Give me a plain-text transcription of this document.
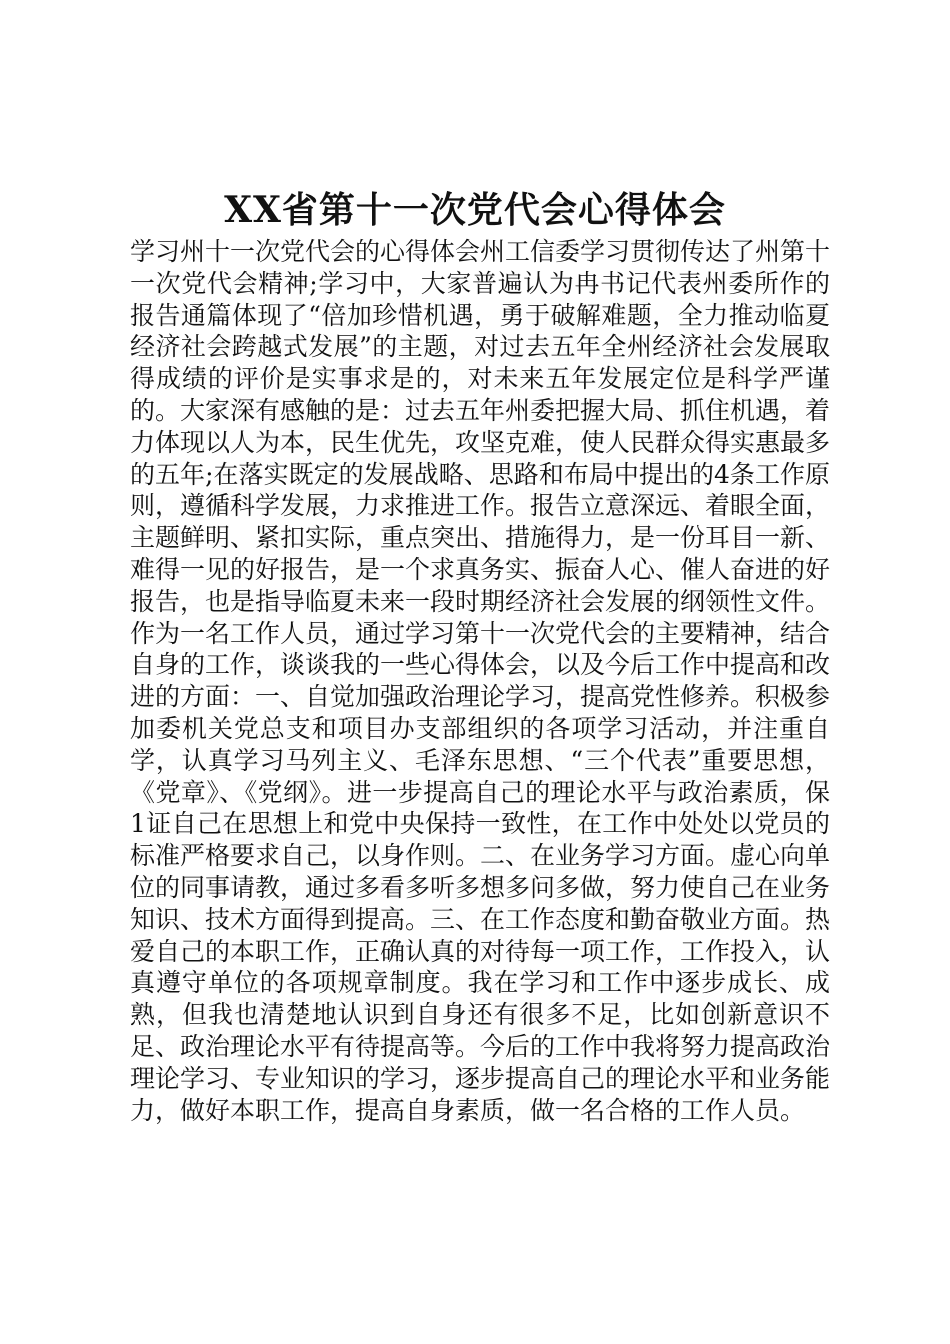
XX省第十一次党代会心得体会

学习州十一次党代会的心得体会州工信委学习贯彻传达了州第十一次党代会精神;学习中，大家普遍认为冉书记代表州委所作的报告通篇体现了“倍加珍惜机遇，勇于破解难题，全力推动临夏经济社会跨越式发展”的主题，对过去五年全州经济社会发展取得成绩的评价是实事求是的，对未来五年发展定位是科学严谨的。大家深有感触的是：过去五年州委把握大局、抓住机遇，着力体现以人为本，民生优先，攻坚克难，使人民群众得实惠最多的五年;在落实既定的发展战略、思路和布局中提出的4条工作原则，遵循科学发展，力求推进工作。报告立意深远、着眼全面，主题鲜明、紧扣实际，重点突出、措施得力，是一份耳目一新、难得一见的好报告，是一个求真务实、振奋人心、催人奋进的好报告，也是指导临夏未来一段时期经济社会发展的纲领性文件。作为一名工作人员，通过学习第十一次党代会的主要精神，结合自身的工作，谈谈我的一些心得体会，以及今后工作中提高和改进的方面：一、自觉加强政治理论学习，提高党性修养。积极参加委机关党总支和项目办支部组织的各项学习活动，并注重自学，认真学习马列主义、毛泽东思想、“三个代表”重要思想，《党章》、《党纲》。进一步提高自己的理论水平与政治素质，保1证自己在思想上和党中央保持一致性，在工作中处处以党员的标准严格要求自己，以身作则。二、在业务学习方面。虚心向单位的同事请教，通过多看多听多想多问多做，努力使自己在业务知识、技术方面得到提高。三、在工作态度和勤奋敬业方面。热爱自己的本职工作，正确认真的对待每一项工作，工作投入，认真遵守单位的各项规章制度。我在学习和工作中逐步成长、成熟，但我也清楚地认识到自身还有很多不足，比如创新意识不足、政治理论水平有待提高等。今后的工作中我将努力提高政治理论学习、专业知识的学习，逐步提高自己的理论水平和业务能力，做好本职工作，提高自身素质，做一名合格的工作人员。
